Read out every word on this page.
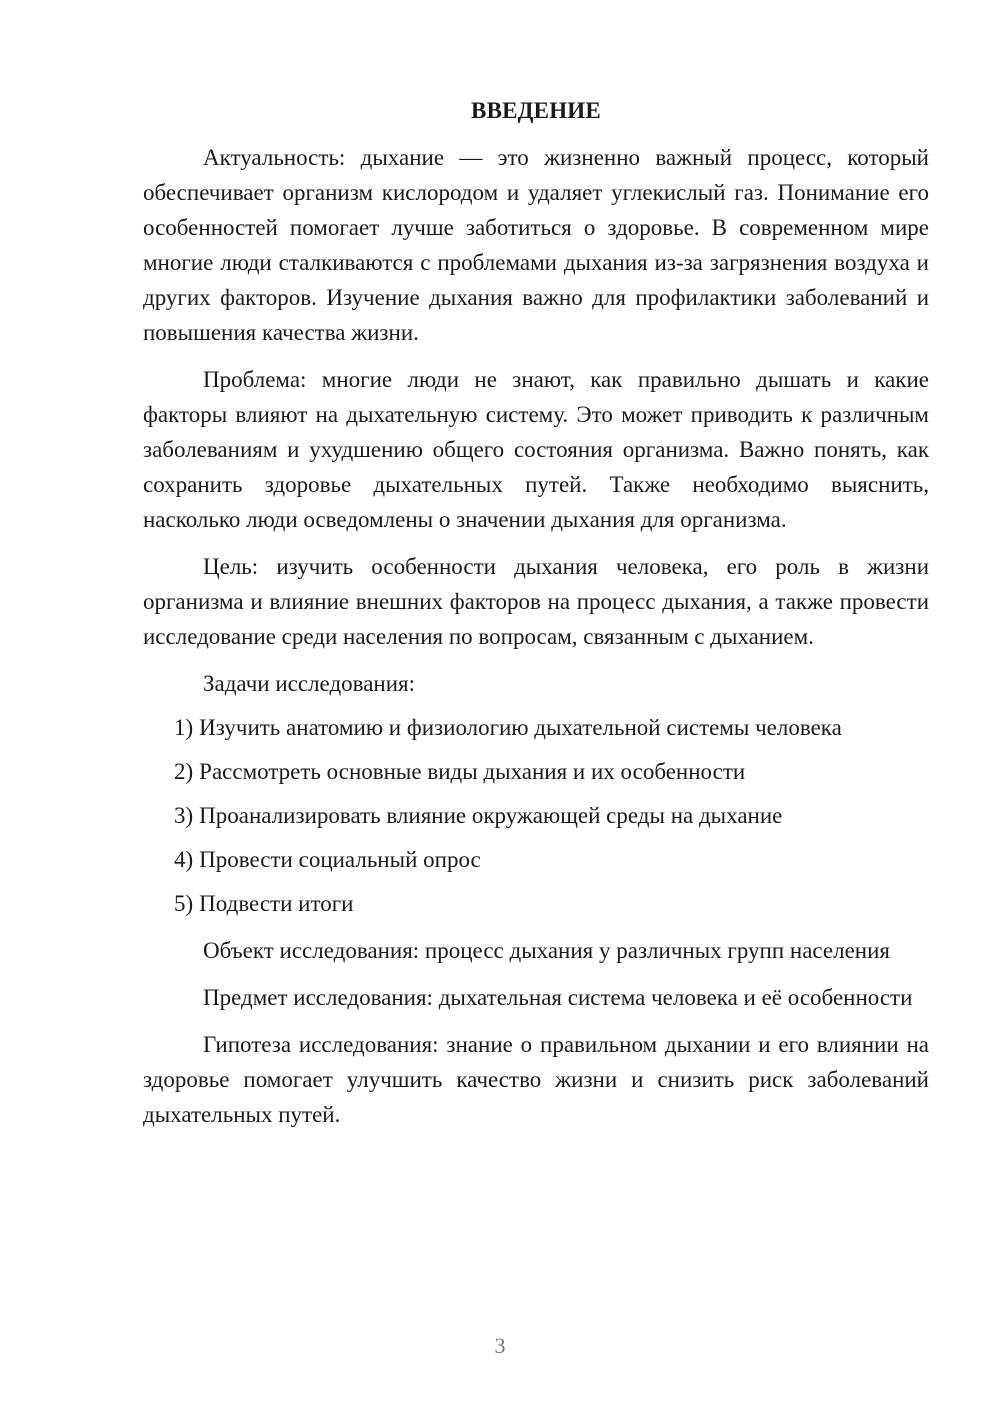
ВВЕДЕНИЕ

Актуальность: дыхание — это жизненно важный процесс, который обеспечивает организм кислородом и удаляет углекислый газ. Понимание его особенностей помогает лучше заботиться о здоровье. В современном мире многие люди сталкиваются с проблемами дыхания из-за загрязнения воздуха и других факторов. Изучение дыхания важно для профилактики заболеваний и повышения качества жизни.

Проблема: многие люди не знают, как правильно дышать и какие факторы влияют на дыхательную систему. Это может приводить к различным заболеваниям и ухудшению общего состояния организма. Важно понять, как сохранить здоровье дыхательных путей. Также необходимо выяснить, насколько люди осведомлены о значении дыхания для организма.

Цель: изучить особенности дыхания человека, его роль в жизни организма и влияние внешних факторов на процесс дыхания, а также провести исследование среди населения по вопросам, связанным с дыханием.

Задачи исследования:

1) Изучить анатомию и физиологию дыхательной системы человека
2) Рассмотреть основные виды дыхания и их особенности
3) Проанализировать влияние окружающей среды на дыхание
4) Провести социальный опрос
5) Подвести итоги

Объект исследования: процесс дыхания у различных групп населения

Предмет исследования: дыхательная система человека и её особенности

Гипотеза исследования: знание о правильном дыхании и его влиянии на здоровье помогает улучшить качество жизни и снизить риск заболеваний дыхательных путей.

3
